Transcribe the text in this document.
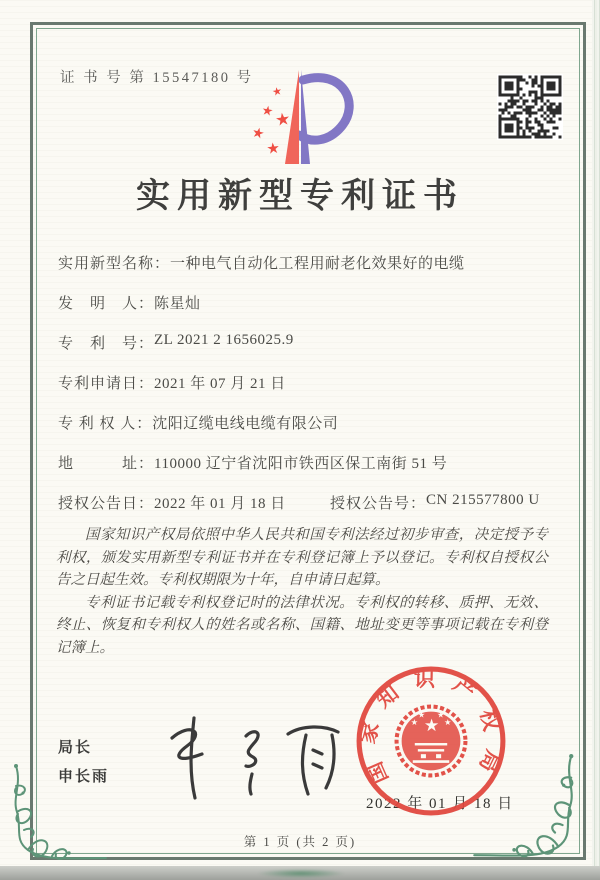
证 书 号 第 15547180 号
★
★ ★
★
★
实用新型专利证书
实用新型名称： 一种电气自动化工程用耐老化效果好的电缆
发　明　人： 陈星灿
专　利　号： ZL 2021 2 1656025.9
专利申请日： 2021 年 07 月 21 日
专 利 权 人： 沈阳辽缆电线电缆有限公司
地　　　址： 110000 辽宁省沈阳市铁西区保工南街 51 号
授权公告日： 2022 年 01 月 18 日	授权公告号： CN 215577800 U

国家知识产权局依照中华人民共和国专利法经过初步审查，决定授予专利权，颁发实用新型专利证书并在专利登记簿上予以登记。专利权自授权公告之日起生效。专利权期限为十年，自申请日起算。

专利证书记载专利权登记时的法律状况。专利权的转移、质押、无效、终止、恢复和专利权人的姓名或名称、国籍、地址变更等事项记载在专利登记簿上。

局长
申长雨
2022 年 01 月 18 日
国家知识产权局
★
★
★ ★
★
第 1 页 (共 2 页)
